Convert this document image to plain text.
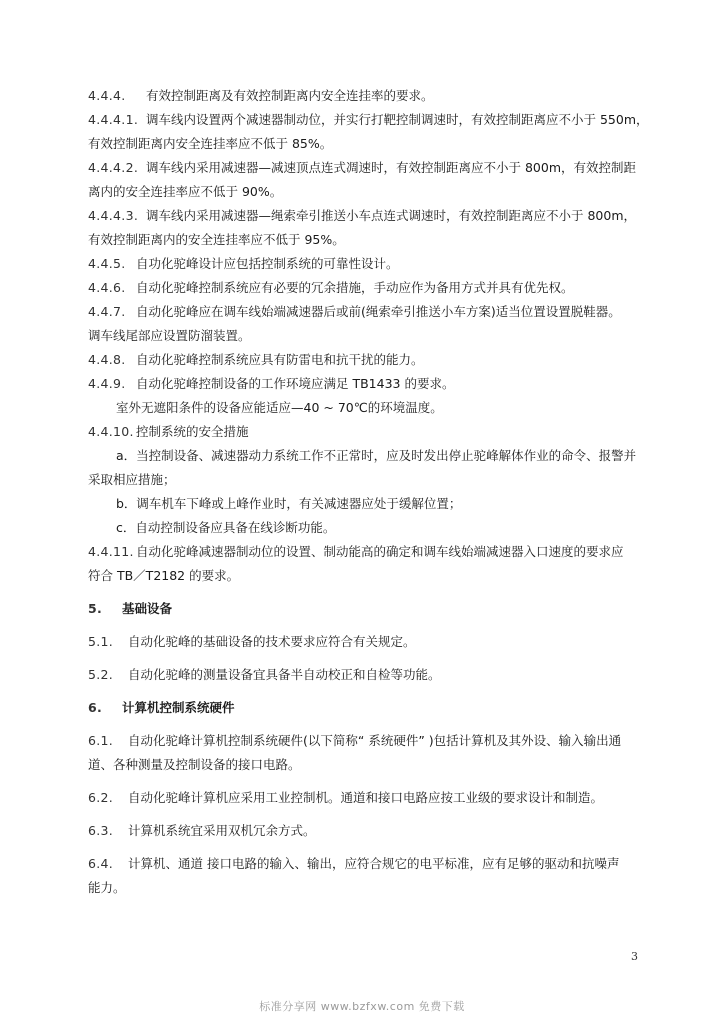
4.4.4. 有效控制距离及有效控制距离内安全连挂率的要求。
4.4.4.1. 调车线内设置两个减速器制动位，并实行打靶控制调速时，有效控制距离应不小于 550m，
有效控制距离内安全连挂率应不低于 85%。
4.4.4.2. 调车线内采用减速器—减速顶点连式凋速时，有效控制距离应不小于 800m，有效控制距
离内的安全连挂率应不低于 90%。
4.4.4.3. 调车线内采用减速器—绳索牵引推送小车点连式调速时，有效控制距离应不小于 800m，
有效控制距离内的安全连挂率应不低于 95%。
4.4.5. 自功化驼峰设计应包括控制系统的可靠性设计。
4.4.6. 自动化驼峰控制系统应有必要的冗余措施，手动应作为备用方式并具有优先权。
4.4.7. 自动化驼峰应在调车线始端减速器后或前(绳索牵引推送小车方案)适当位置设置脱鞋器。
调车线尾部应设置防溜装置。
4.4.8. 自动化驼峰控制系统应具有防雷电和抗干扰的能力。
4.4.9. 自动化驼峰控制设备的工作环境应满足 TB1433 的要求。
室外无遮阳条件的设备应能适应—40 ~ 70℃的环境温度。
4.4.10. 控制系统的安全措施
a．当控制设备、减速器动力系统工作不正常时，应及时发出停止驼峰解体作业的命令、报警并
采取相应措施；
b．调车机车下峰或上峰作业时，有关减速器应处于缓解位置；
c．自动控制设备应具备在线诊断功能。
4.4.11. 自动化驼峰减速器制动位的设置、制动能高的确定和调车线始端减速器入口速度的要求应
符合 TB／T2182 的要求。
5. 基础设备
5.1. 自动化驼峰的基础设备的技术要求应符合有关规定。
5.2. 自动化驼峰的测量设备宜具备半自动校正和自检等功能。
6. 计算机控制系统硬件
6.1. 自动化驼峰计算机控制系统硬件(以下简称“ 系统硬件” )包括计算机及其外设、输入输出通
道、各种测量及控制设备的接口电路。
6.2. 自动化驼峰计算机应采用工业控制机。通道和接口电路应按工业级的要求设计和制造。
6.3. 计算机系统宜采用双机冗余方式。
6.4. 计算机、通道 接口电路的输入、输出，应符合规它的电平标准，应有足够的驱动和抗噪声
能力。
3
标准分享网 www.bzfxw.com 免费下载
